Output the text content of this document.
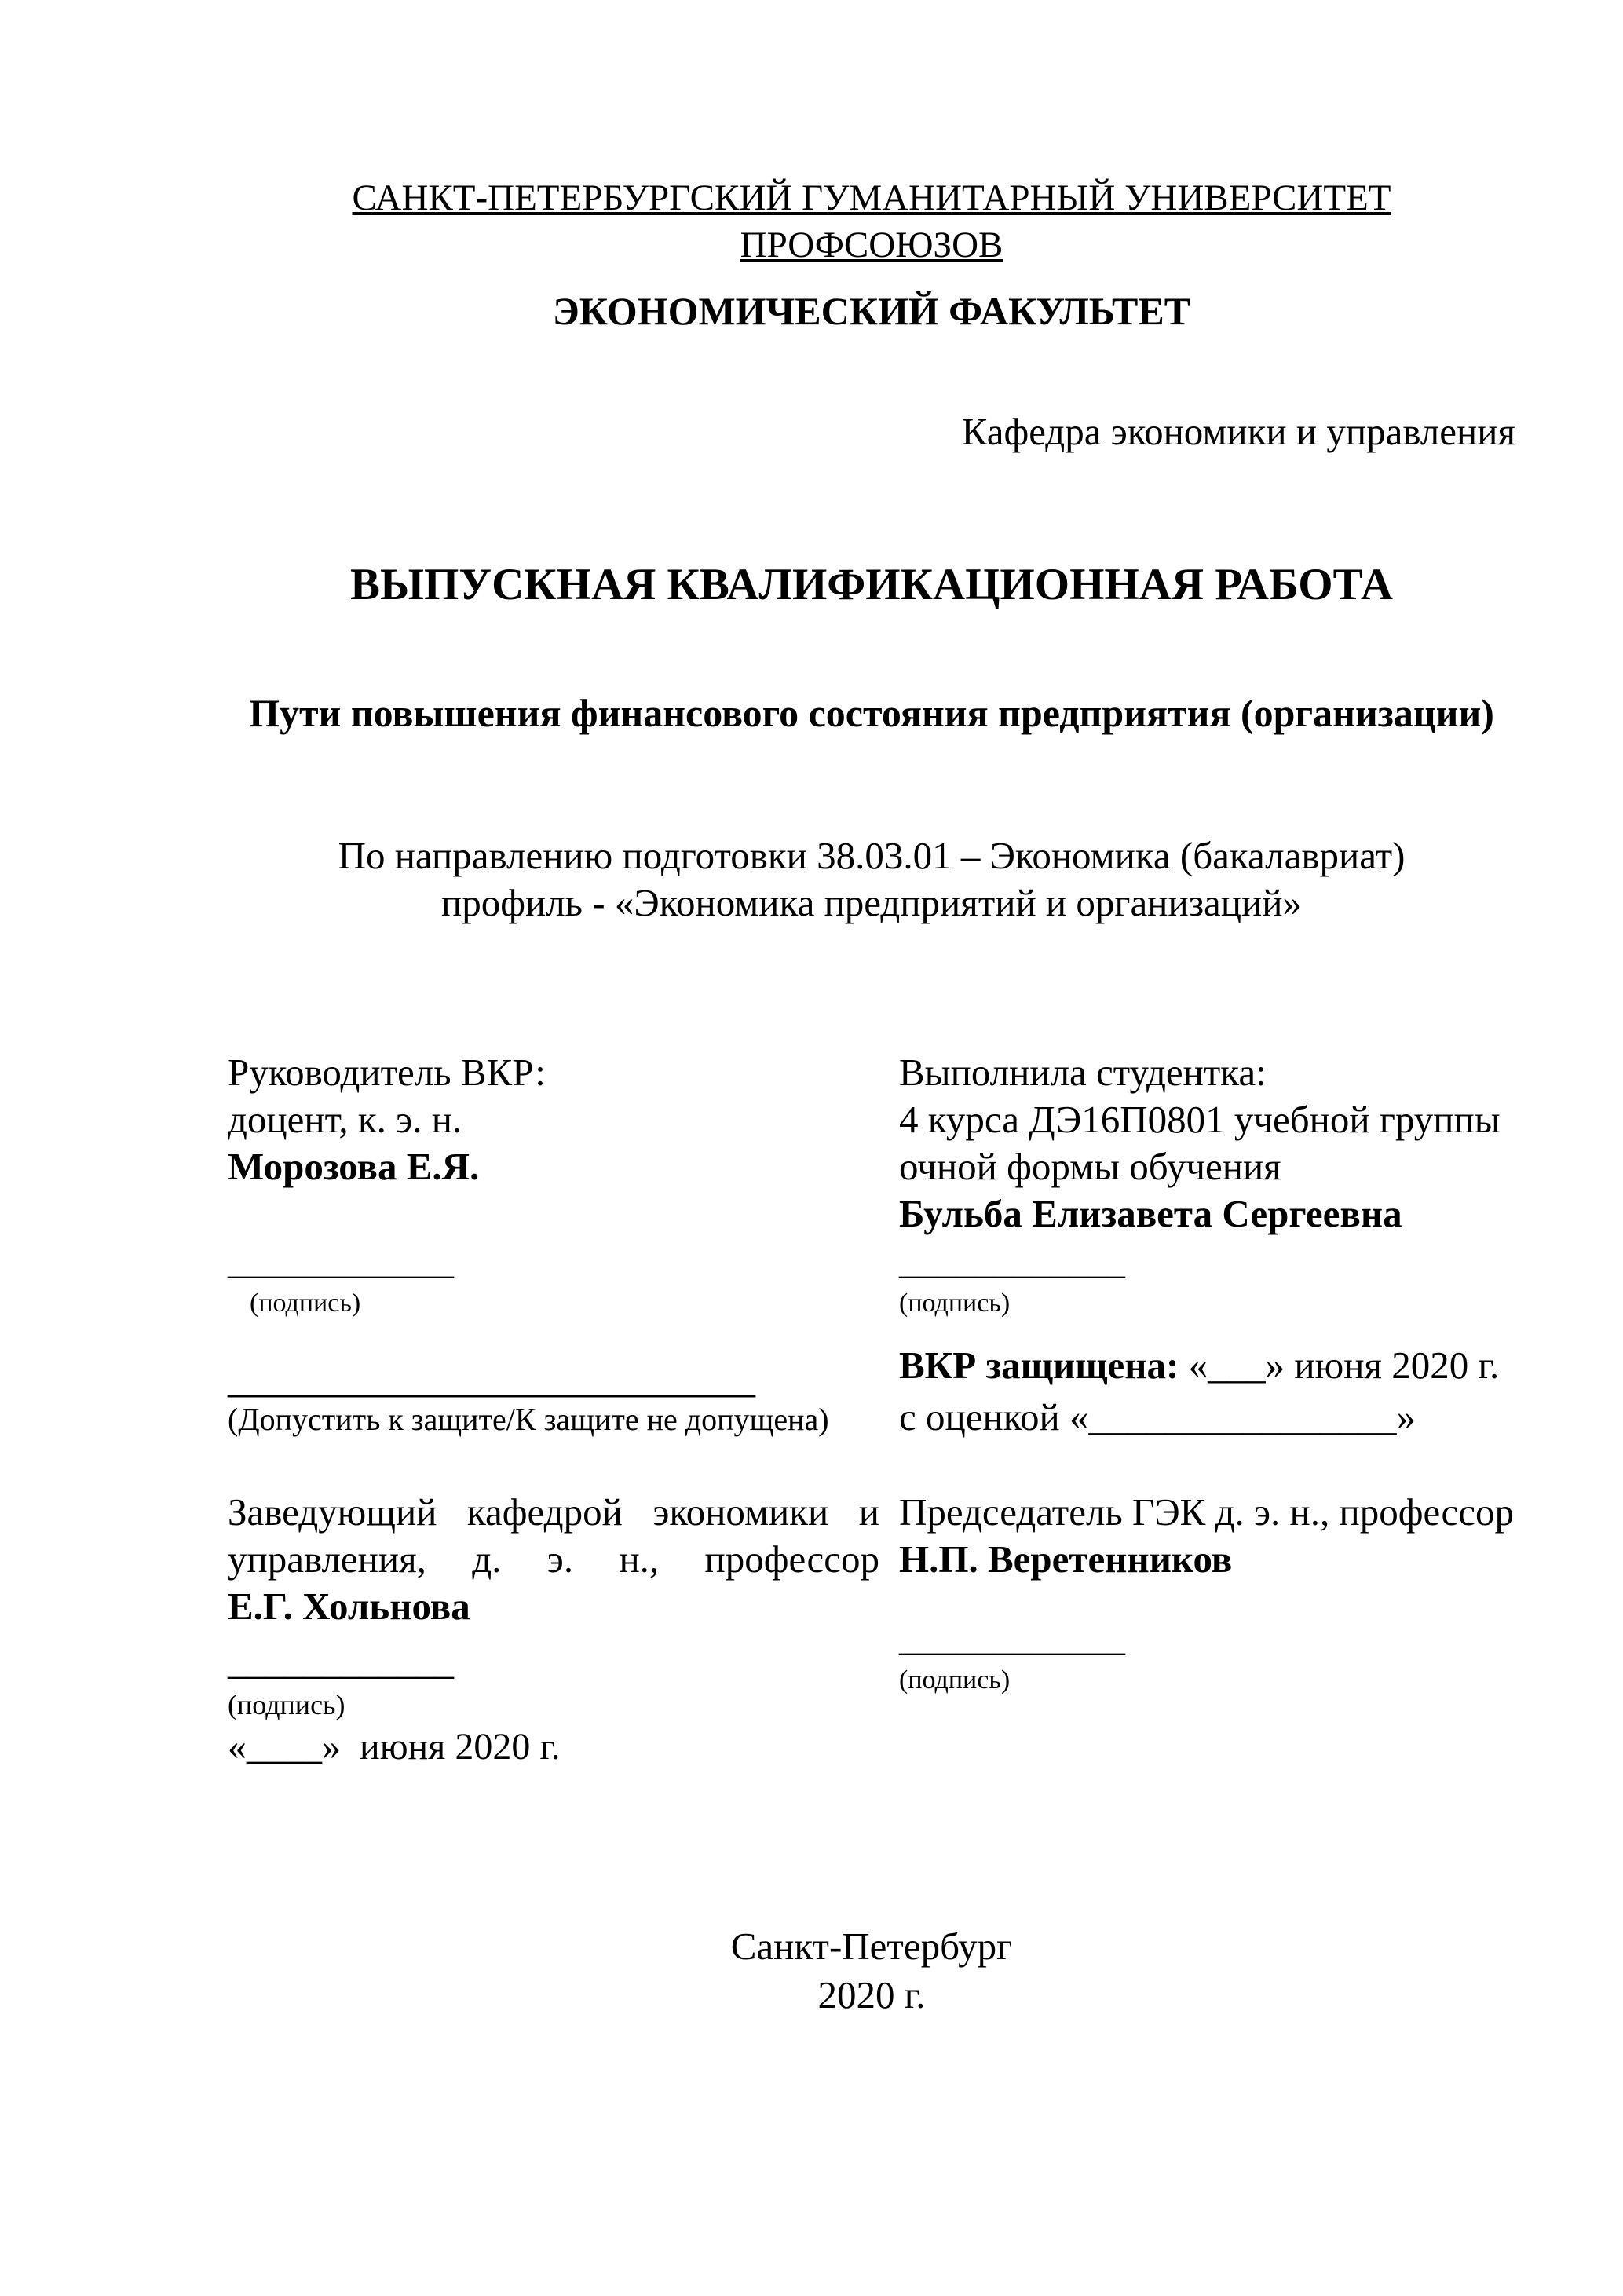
САНКТ-ПЕТЕРБУРГСКИЙ ГУМАНИТАРНЫЙ УНИВЕРСИТЕТ ПРОФСОЮЗОВ
ЭКОНОМИЧЕСКИЙ ФАКУЛЬТЕТ
Кафедра экономики и управления
ВЫПУСКНАЯ КВАЛИФИКАЦИОННАЯ РАБОТА
Пути повышения финансового состояния предприятия (организации)
По направлению подготовки 38.03.01 – Экономика (бакалавриат)
профиль - «Экономика предприятий и организаций»
Руководитель ВКР:
доцент, к. э. н.
Морозова Е.Я.
____________
(подпись)
____________________________
(Допустить к защите/К защите не допущена)
Заведующий кафедрой экономики и
управления, д. э. н., профессор
Е.Г. Хольнова
____________
(подпись)
«____»  июня 2020 г.
Выполнила студентка:
4 курса ДЭ16П0801 учебной группы
очной формы обучения
Бульба Елизавета Сергеевна
____________
(подпись)
ВКР защищена: «___» июня 2020 г.
с оценкой «________________»
Председатель ГЭК д. э. н., профессор
Н.П. Веретенников
____________
(подпись)
Санкт-Петербург
2020 г.
